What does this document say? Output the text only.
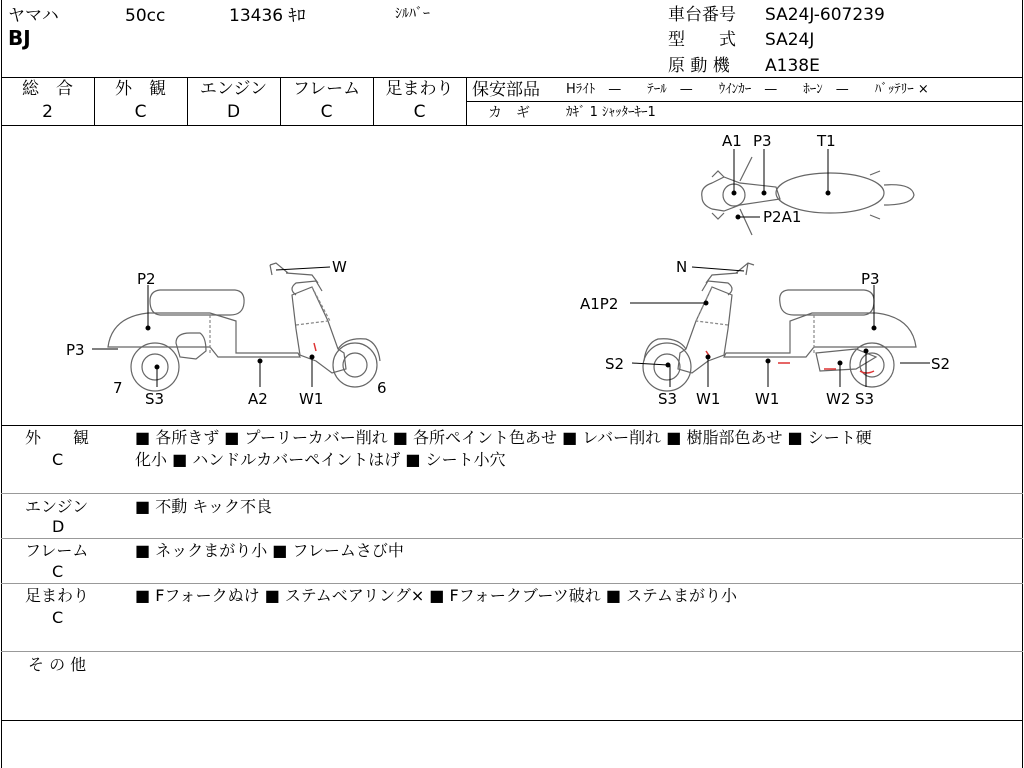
ヤマハ	50cc	13436 ｷﾛ	ｼﾙﾊﾞｰ
BJ
車台番号 SA24J-607239
型　　式 SA24J
原 動 機 A138E
総　合
2
外　観
C
エンジン
D
フレーム
C
足まわり
C
保安部品 Hﾗｲﾄ　—　　ﾃｰﾙ　—　　ｳｲﾝｶｰ　—　　ﾎｰﾝ　—　　ﾊﾞｯﾃﾘｰ ×
カ　ギ	ｶｷﾞ 1 ｼｬｯﾀｰｷｰ1
W
P2
P3
7
S3	A2 W1
6
A1 P3	T1
P2A1
N
A1P2
P3
S2	S2
S3 W1 W1	W2 S3
外　　観
C
■ 各所きず ■ プーリーカバー削れ ■ 各所ペイント色あせ ■ レバー削れ ■ 樹脂部色あせ ■ シート硬
化小 ■ ハンドルカバーペイントはげ ■ シート小穴
エンジン
D
■ 不動 キック不良
フレーム
C
■ ネックまがり小 ■ フレームさび中
足まわり
C
■ Fフォークぬけ ■ ステムベアリング× ■ Fフォークブーツ破れ ■ ステムまがり小
そ の 他
